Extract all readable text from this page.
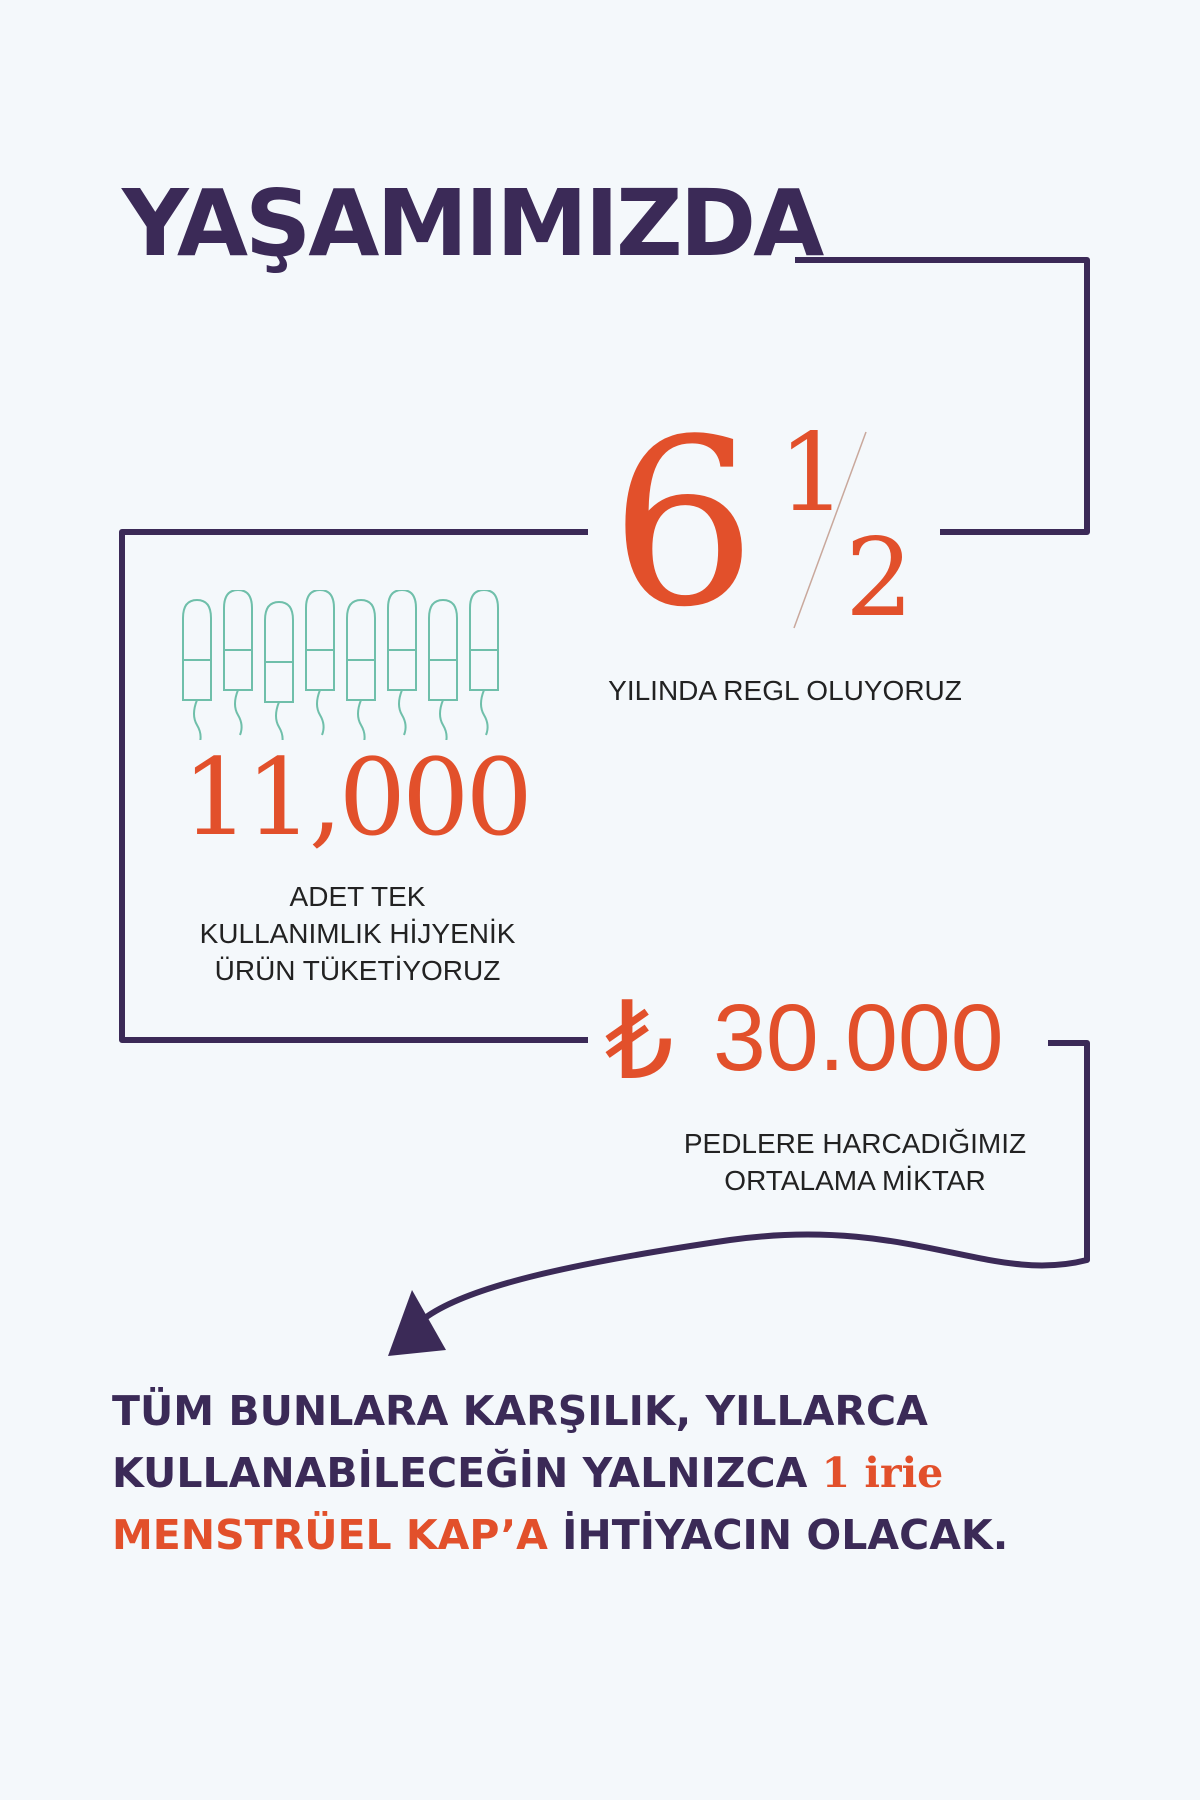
YAŞAMIMIZDA
6 1
2
YILINDA REGL OLUYORUZ
11,000
ADET TEK
KULLANIMLIK HİJYENİK
ÜRÜN TÜKETİYORUZ
₺ 30.000
PEDLERE HARCADIĞIMIZ
ORTALAMA MİKTAR
TÜM BUNLARA KARŞILIK, YILLARCA KULLANABİLECEĞİN YALNIZCA 1 irie
MENSTRÜEL KAP’A İHTİYACIN OLACAK.
